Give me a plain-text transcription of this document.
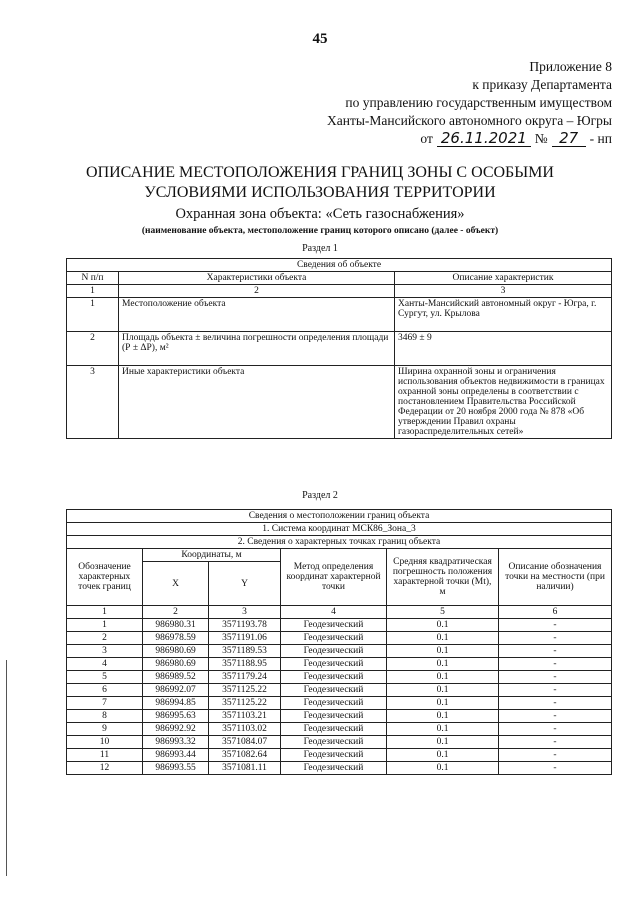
45
Приложение 8
к приказу Департамента
по управлению государственным имуществом
Ханты-Мансийского автономного округа – Югры
от 26.11.2021 № 27 - нп
ОПИСАНИЕ МЕСТОПОЛОЖЕНИЯ ГРАНИЦ ЗОНЫ С ОСОБЫМИ
УСЛОВИЯМИ ИСПОЛЬЗОВАНИЯ ТЕРРИТОРИИ
Охранная зона объекта: «Сеть газоснабжения»
(наименование объекта, местоположение границ которого описано (далее - объект)
Раздел 1
Сведения об объекте		
N п/п	Характеристики объекта	Описание характеристик
1	2	3
1	Местоположение объекта	Ханты-Мансийский автономный округ - Югра, г. Сургут, ул. Крылова
2	Площадь объекта ± величина погрешности определения площади (Р ± ΔР), м²	3469 ± 9
3	Иные характеристики объекта	Ширина охранной зоны и ограничения использования объектов недвижимости в границах охранной зоны определены в соответствии с постановлением Правительства Российской Федерации от 20 ноября 2000 года № 878 «Об утверждении Правил охраны газораспределительных сетей»
Раздел 2
Сведения о местоположении границ объекта					
1. Система координат МСК86_Зона_3					
2. Сведения о характерных точках границ объекта					
Обозначение характерных точек границ	Координаты, м		Метод определения координат характерной точки	Средняя квадратическая погрешность положения характерной точки (Mt), м	Описание обозначения точки на местности (при наличии)
	X	Y			
1	2	3	4	5	6
1	986980.31	3571193.78	Геодезический	0.1	-
2	986978.59	3571191.06	Геодезический	0.1	-
3	986980.69	3571189.53	Геодезический	0.1	-
4	986980.69	3571188.95	Геодезический	0.1	-
5	986989.52	3571179.24	Геодезический	0.1	-
6	986992.07	3571125.22	Геодезический	0.1	-
7	986994.85	3571125.22	Геодезический	0.1	-
8	986995.63	3571103.21	Геодезический	0.1	-
9	986992.92	3571103.02	Геодезический	0.1	-
10	986993.32	3571084.07	Геодезический	0.1	-
11	986993.44	3571082.64	Геодезический	0.1	-
12	986993.55	3571081.11	Геодезический	0.1	-
